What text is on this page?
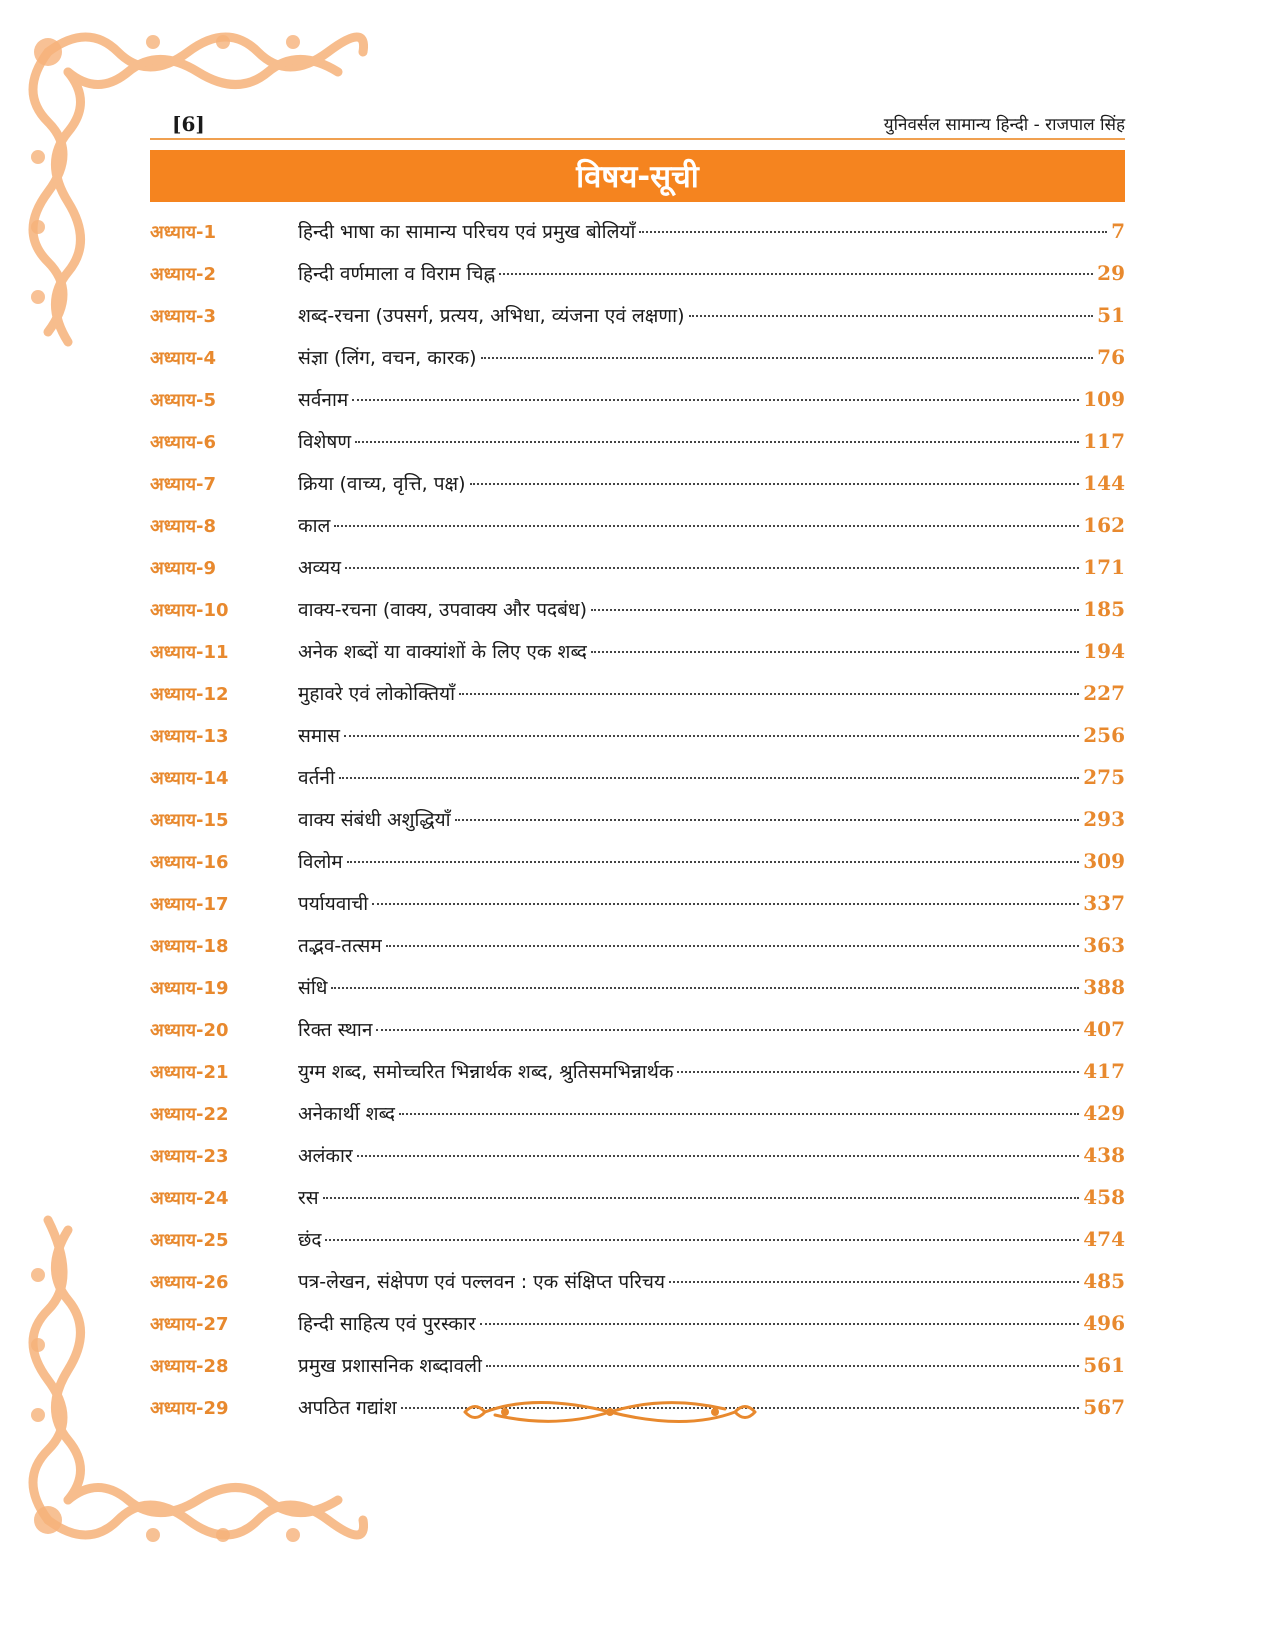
[6]	युनिवर्सल सामान्य हिन्दी - राजपाल सिंह
विषय-सूची
अध्याय-1	हिन्दी भाषा का सामान्य परिचय एवं प्रमुख बोलियाँ	7
अध्याय-2	हिन्दी वर्णमाला व विराम चिह्न	29
अध्याय-3	शब्द-रचना (उपसर्ग, प्रत्यय, अभिधा, व्यंजना एवं लक्षणा)	51
अध्याय-4	संज्ञा (लिंग, वचन, कारक)	76
अध्याय-5	सर्वनाम	109
अध्याय-6	विशेषण	117
अध्याय-7	क्रिया (वाच्य, वृत्ति, पक्ष)	144
अध्याय-8	काल	162
अध्याय-9	अव्यय	171
अध्याय-10	वाक्य-रचना (वाक्य, उपवाक्य और पदबंध)	185
अध्याय-11	अनेक शब्दों या वाक्यांशों के लिए एक शब्द	194
अध्याय-12	मुहावरे एवं लोकोक्तियाँ	227
अध्याय-13	समास	256
अध्याय-14	वर्तनी	275
अध्याय-15	वाक्य संबंधी अशुद्धियाँ	293
अध्याय-16	विलोम	309
अध्याय-17	पर्यायवाची	337
अध्याय-18	तद्भव-तत्सम	363
अध्याय-19	संधि	388
अध्याय-20	रिक्त स्थान	407
अध्याय-21	युग्म शब्द, समोच्चरित भिन्नार्थक शब्द, श्रुतिसमभिन्नार्थक	417
अध्याय-22	अनेकार्थी शब्द	429
अध्याय-23	अलंकार	438
अध्याय-24	रस	458
अध्याय-25	छंद	474
अध्याय-26	पत्र-लेखन, संक्षेपण एवं पल्लवन : एक संक्षिप्त परिचय	485
अध्याय-27	हिन्दी साहित्य एवं पुरस्कार	496
अध्याय-28	प्रमुख प्रशासनिक शब्दावली	561
अध्याय-29	अपठित गद्यांश	567
